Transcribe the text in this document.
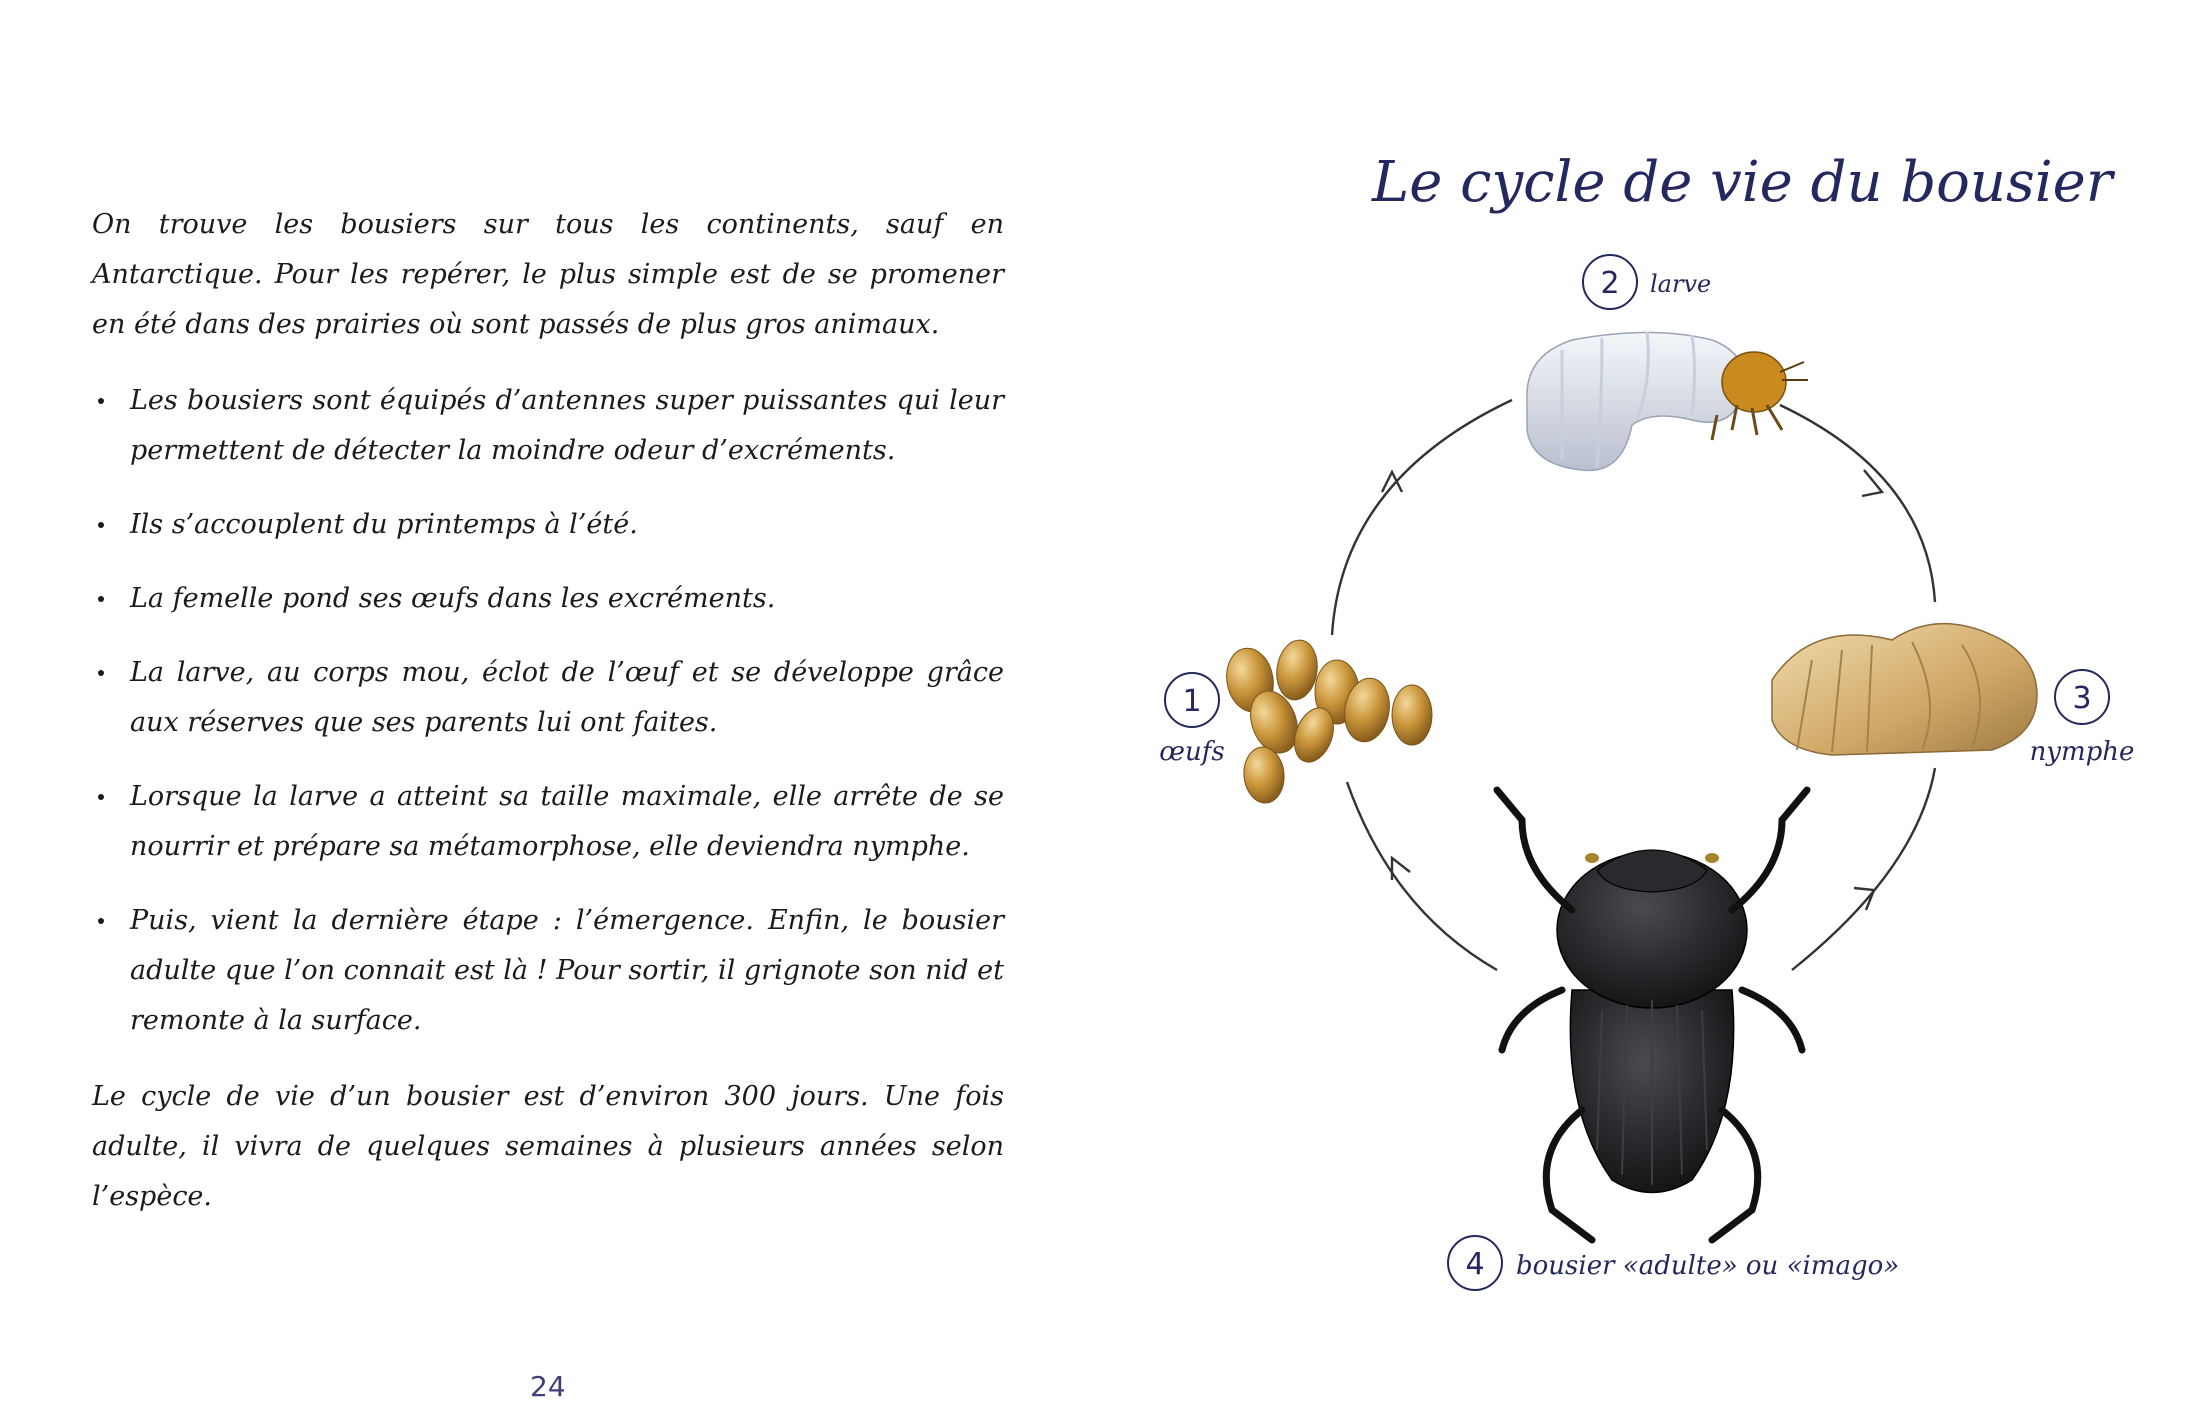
On trouve les bousiers sur tous les continents, sauf en Antarctique. Pour les repérer, le plus simple est de se promener en été dans des prairies où sont passés de plus gros animaux.

Les bousiers sont équipés d’antennes super puissantes qui leur permettent de détecter la moindre odeur d’excréments.
Ils s’accouplent du printemps à l’été.
La femelle pond ses œufs dans les excréments.
La larve, au corps mou, éclot de l’œuf et se développe grâce aux réserves que ses parents lui ont faites.
Lorsque la larve a atteint sa taille maximale, elle arrête de se nourrir et prépare sa métamorphose, elle deviendra nymphe.
Puis, vient la dernière étape : l’émergence. Enfin, le bousier adulte que l’on connait est là ! Pour sortir, il grignote son nid et remonte à la surface.

Le cycle de vie d’un bousier est d’environ 300 jours. Une fois adulte, il vivra de quelques semaines à plusieurs années selon l’espèce.

24
Le cycle de vie du bousier
1
œufs
2 larve
3
nymphe
4 bousier «adulte» ou «imago»
